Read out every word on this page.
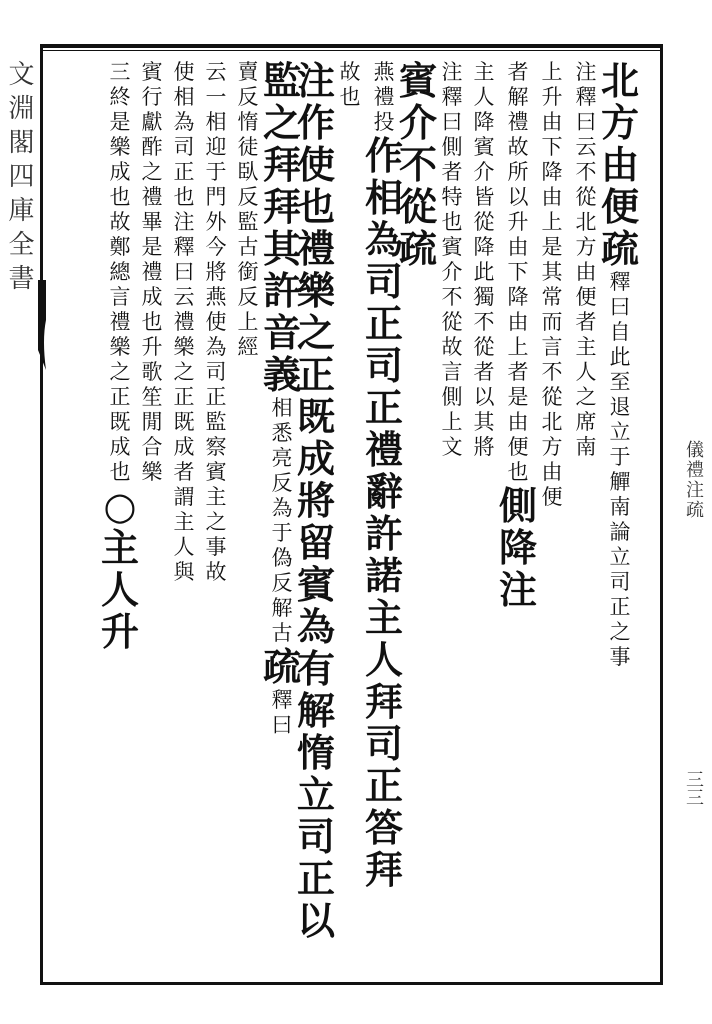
文淵閣四庫全書
儀禮注疏
三三
北
方
由
便
疏
釋
曰
自
此
至
退
立
于
觶
南
論
立
司
正
之
事
注
釋
曰
云
不
從
北
方
由
便
者
主
人
之
席
南
上
升
由
下
降
由
上
是
其
常
而
言
不
從
北
方
由
便
者
解
禮
故
所
以
升
由
下
降
由
上
者
是
由
便
也
側
降
注
主
人
降
賓
介
皆
從
降
此
獨
不
從
者
以
其
將
注
釋
曰
側
者
特
也
賓
介
不
從
故
言
側
上
文
賓
介
不
從
疏
燕
禮
投
作
相
為
司
正
司
正
禮
辭
許
諾
主
人
拜
司
正
答
拜
故
也
注
作
使
也
禮
樂
之
正
既
成
將
留
賓
為
有
解
惰
立
司
正
以
監
之
拜
拜
其
許
音
義
相
悉
亮
反
為
于
偽
反
解
古
疏
釋
曰
賣
反
惰
徒
臥
反
監
古
銜
反
上
經
云
一
相
迎
于
門
外
今
將
燕
使
為
司
正
監
察
賓
主
之
事
故
使
相
為
司
正
也
注
釋
曰
云
禮
樂
之
正
既
成
者
謂
主
人
與
賓
行
獻
酢
之
禮
畢
是
禮
成
也
升
歌
笙
閒
合
樂
三
終
是
樂
成
也
故
鄭
總
言
禮
樂
之
正
既
成
也
○
主
人
升
